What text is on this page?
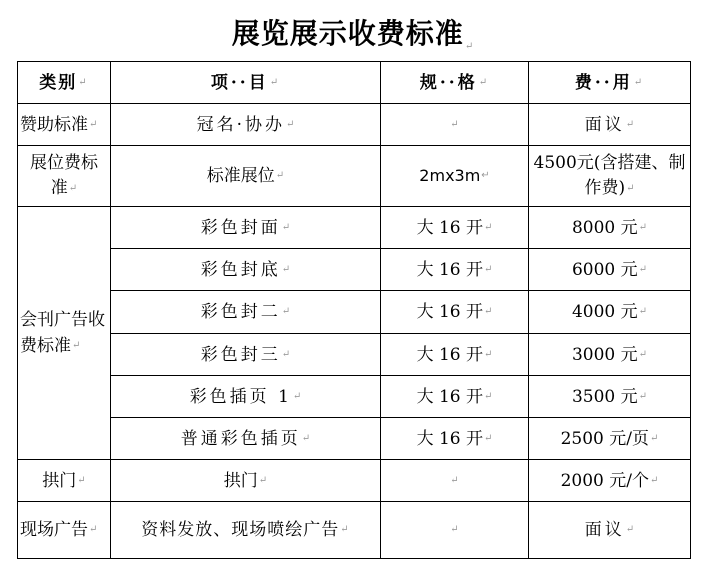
展览展示收费标准↵
类别↵	项··目↵	规··格↵	费··用↵
赞助标准↵	冠名·协办↵	↵	面议↵
展位费标准↵	标准展位↵	2mx3m↵	4500元(含搭建、制作费)↵
会刊广告收费标准↵	彩色封面↵	大 16 开↵	8000 元↵
	彩色封底↵	大 16 开↵	6000 元↵
	彩色封二↵	大 16 开↵	4000 元↵
	彩色封三↵	大 16 开↵	3000 元↵
	彩色插页 1↵	大 16 开↵	3500 元↵
	普通彩色插页↵	大 16 开↵	2500 元/页↵
拱门↵	拱门↵	↵	2000 元/个↵
现场广告↵	资料发放、现场喷绘广告↵	↵	面议↵
